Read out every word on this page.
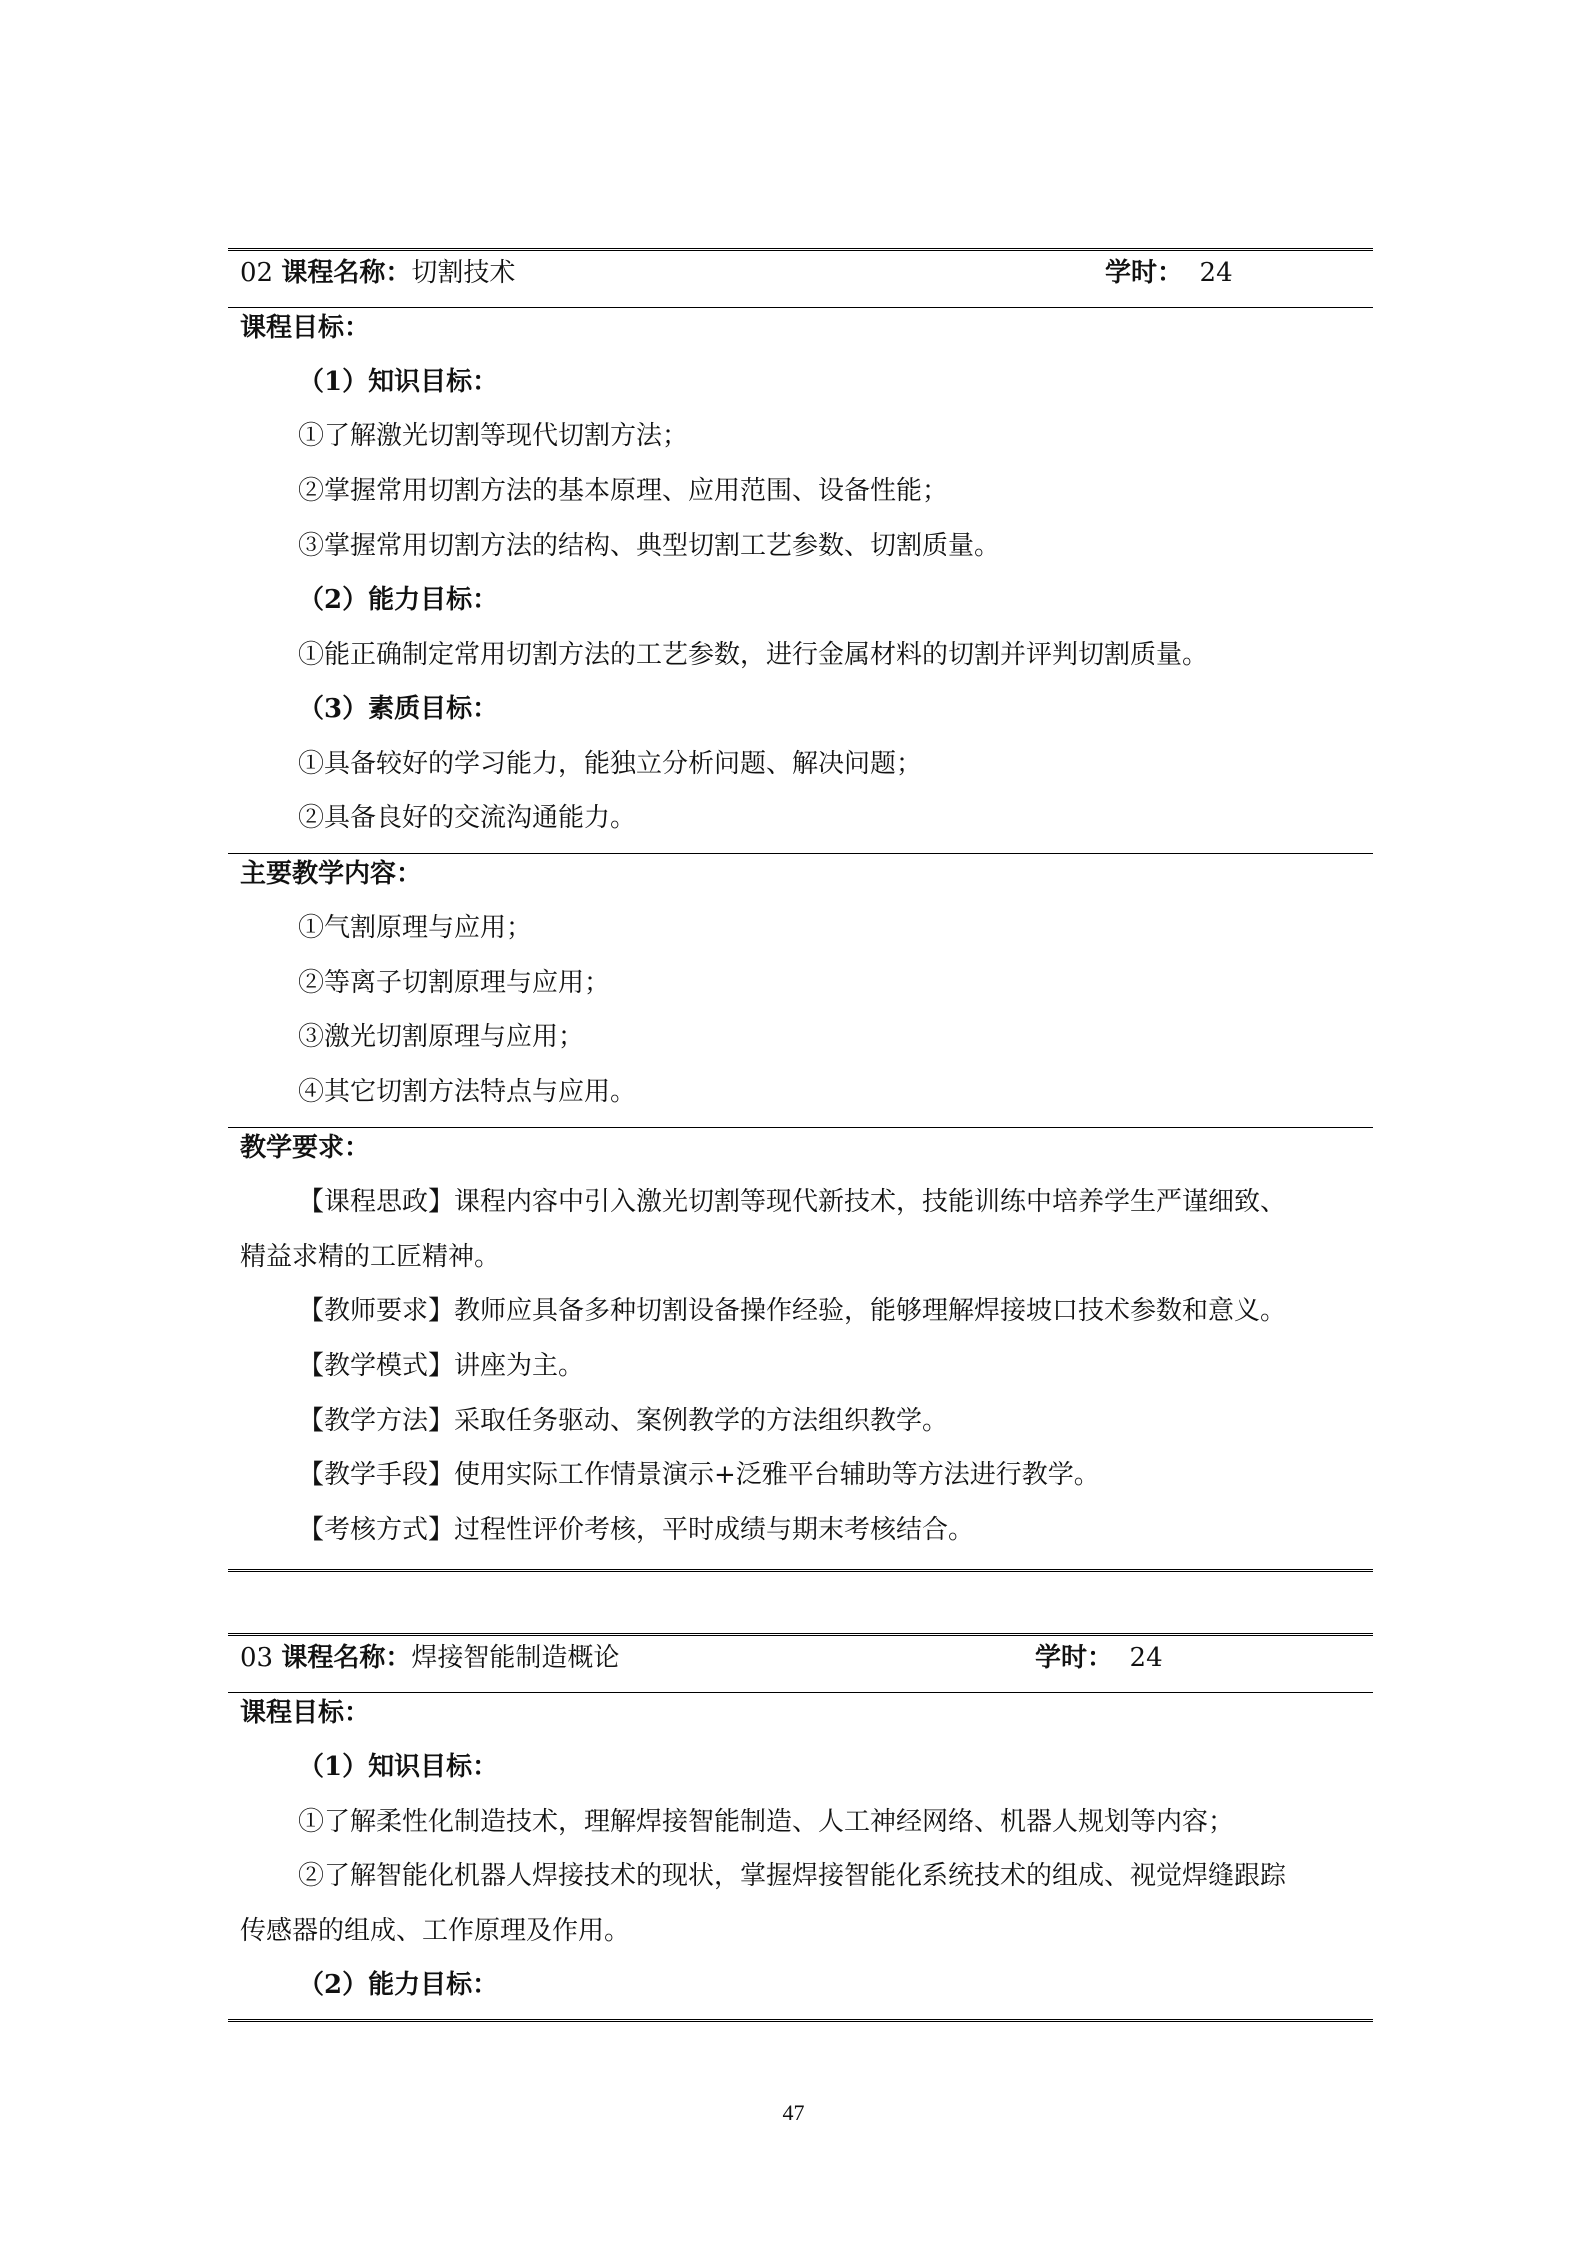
02 课程名称：切割技术	学时： 24
课程目标：
（1）知识目标：
①了解激光切割等现代切割方法；
②掌握常用切割方法的基本原理、应用范围、设备性能；
③掌握常用切割方法的结构、典型切割工艺参数、切割质量。
（2）能力目标：
①能正确制定常用切割方法的工艺参数，进行金属材料的切割并评判切割质量。
（3）素质目标：
①具备较好的学习能力，能独立分析问题、解决问题；
②具备良好的交流沟通能力。
主要教学内容：
①气割原理与应用；
②等离子切割原理与应用；
③激光切割原理与应用；
④其它切割方法特点与应用。
教学要求：
【课程思政】课程内容中引入激光切割等现代新技术，技能训练中培养学生严谨细致、
精益求精的工匠精神。
【教师要求】教师应具备多种切割设备操作经验，能够理解焊接坡口技术参数和意义。
【教学模式】讲座为主。
【教学方法】采取任务驱动、案例教学的方法组织教学。
【教学手段】使用实际工作情景演示+泛雅平台辅助等方法进行教学。
【考核方式】过程性评价考核，平时成绩与期末考核结合。
03 课程名称：焊接智能制造概论	学时： 24
课程目标：
（1）知识目标：
①了解柔性化制造技术，理解焊接智能制造、人工神经网络、机器人规划等内容；
②了解智能化机器人焊接技术的现状，掌握焊接智能化系统技术的组成、视觉焊缝跟踪
传感器的组成、工作原理及作用。
（2）能力目标：
47
